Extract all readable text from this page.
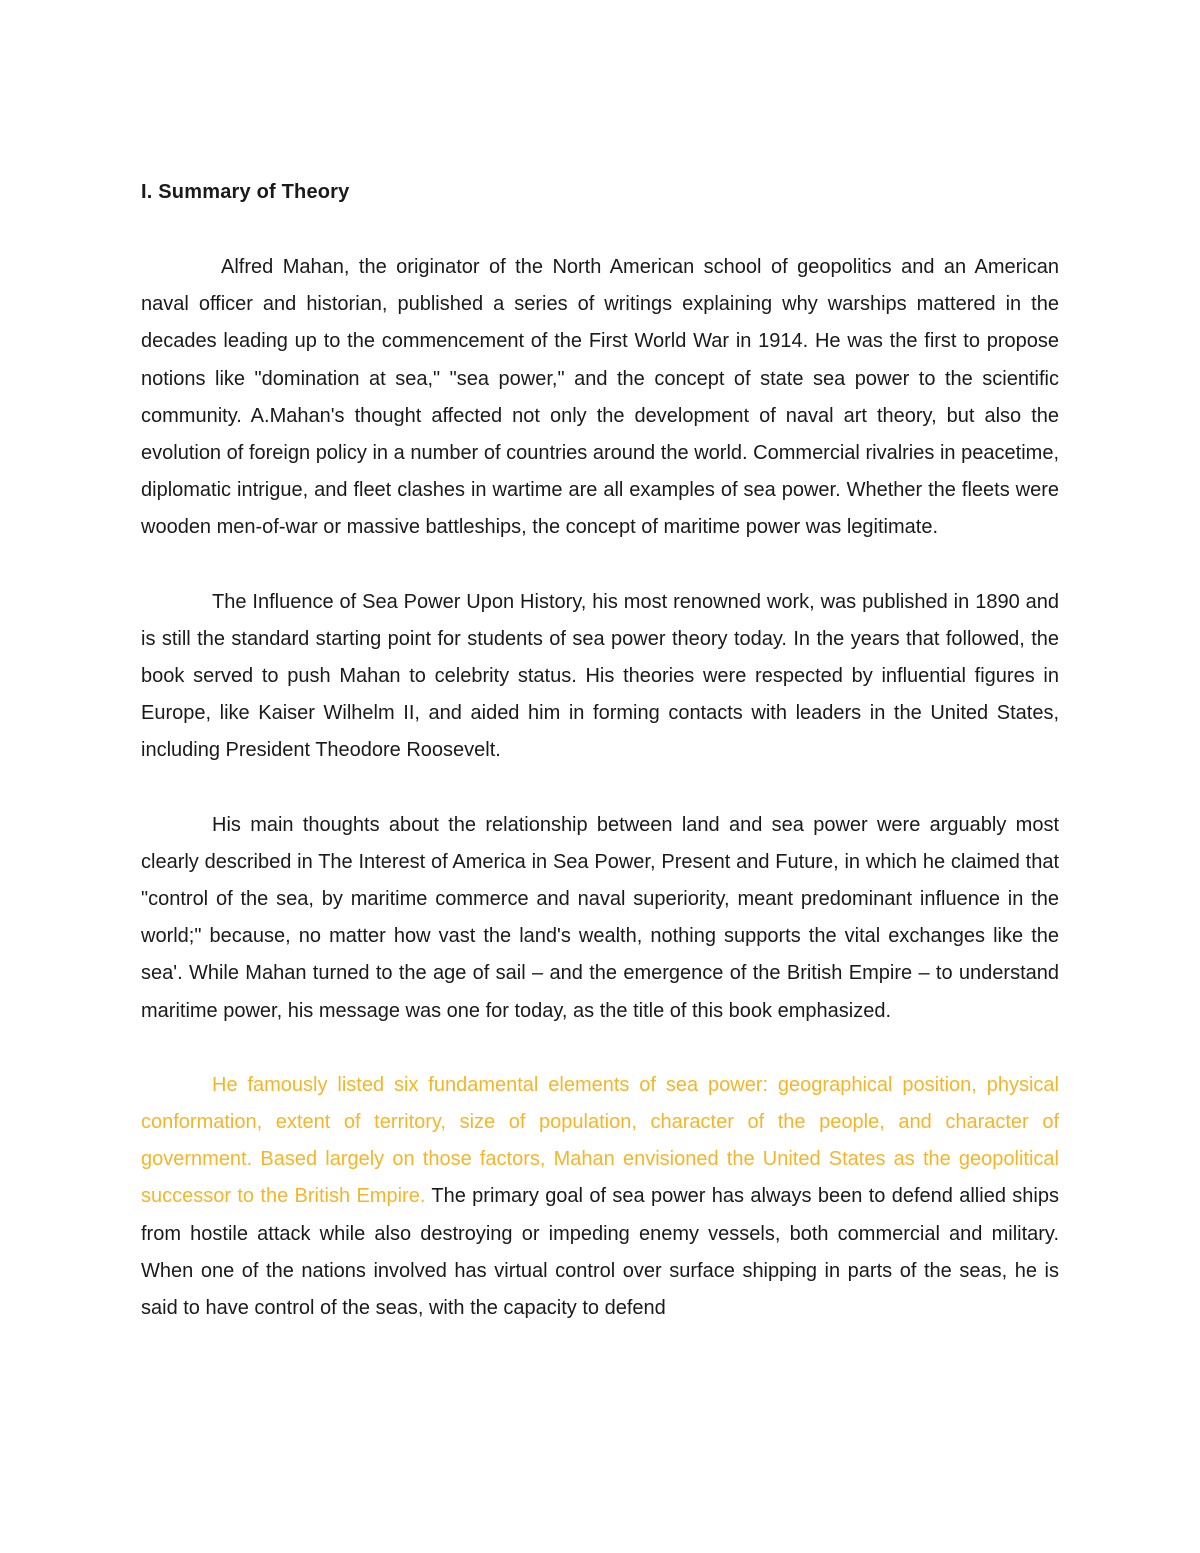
I. Summary of Theory

Alfred Mahan, the originator of the North American school of geopolitics and an American naval officer and historian, published a series of writings explaining why warships mattered in the decades leading up to the commencement of the First World War in 1914. He was the first to propose notions like "domination at sea," "sea power," and the concept of state sea power to the scientific community. A.Mahan's thought affected not only the development of naval art theory, but also the evolution of foreign policy in a number of countries around the world. Commercial rivalries in peacetime, diplomatic intrigue, and fleet clashes in wartime are all examples of sea power. Whether the fleets were wooden men-of-war or massive battleships, the concept of maritime power was legitimate.

The Influence of Sea Power Upon History, his most renowned work, was published in 1890 and is still the standard starting point for students of sea power theory today. In the years that followed, the book served to push Mahan to celebrity status. His theories were respected by influential figures in Europe, like Kaiser Wilhelm II, and aided him in forming contacts with leaders in the United States, including President Theodore Roosevelt.

His main thoughts about the relationship between land and sea power were arguably most clearly described in The Interest of America in Sea Power, Present and Future, in which he claimed that "control of the sea, by maritime commerce and naval superiority, meant predominant influence in the world;" because, no matter how vast the land's wealth, nothing supports the vital exchanges like the sea'. While Mahan turned to the age of sail – and the emergence of the British Empire – to understand maritime power, his message was one for today, as the title of this book emphasized.

He famously listed six fundamental elements of sea power: geographical position, physical conformation, extent of territory, size of population, character of the people, and character of government. Based largely on those factors, Mahan envisioned the United States as the geopolitical successor to the British Empire. The primary goal of sea power has always been to defend allied ships from hostile attack while also destroying or impeding enemy vessels, both commercial and military. When one of the nations involved has virtual control over surface shipping in parts of the seas, he is said to have control of the seas, with the capacity to defend
